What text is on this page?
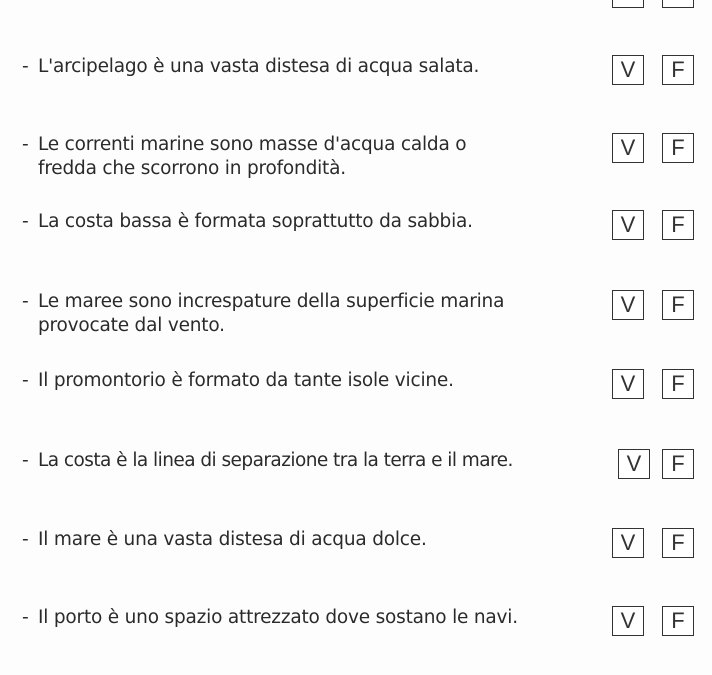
- L'arcipelago è una vasta distesa di acqua salata.	V	F
- Le correnti marine sono masse d'acqua calda o
fredda che scorrono in profondità.
V	F
- La costa bassa è formata soprattutto da sabbia.	V	F
- Le maree sono increspature della superficie marina
provocate dal vento.
V	F
- Il promontorio è formato da tante isole vicine.	V	F
- La costa è la linea di separazione tra la terra e il mare.	V	F
- Il mare è una vasta distesa di acqua dolce.	V	F
- Il porto è uno spazio attrezzato dove sostano le navi.	V	F
